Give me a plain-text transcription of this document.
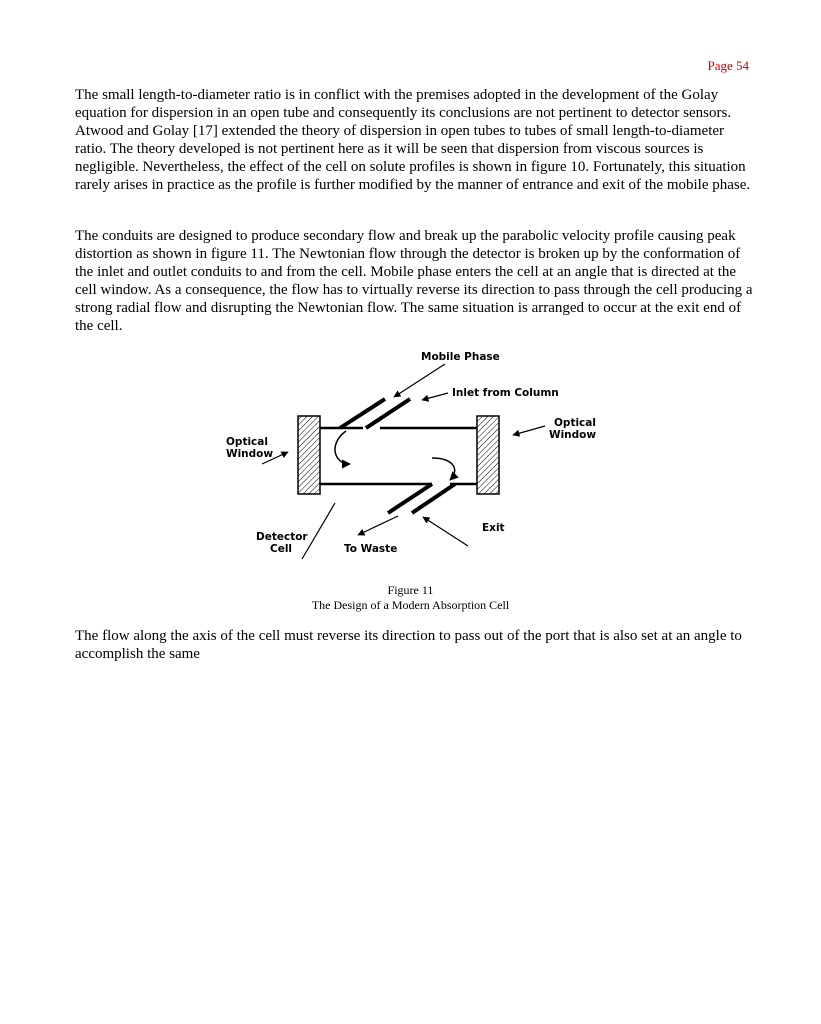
Page 54

The small length-to-diameter ratio is in conflict with the premises adopted in the development of the Golay equation for dispersion in an open tube and consequently its conclusions are not pertinent to detector sensors. Atwood and Golay [17] extended the theory of dispersion in open tubes to tubes of small length-to-diameter ratio. The theory developed is not pertinent here as it will be seen that dispersion from viscous sources is negligible. Nevertheless, the effect of the cell on solute profiles is shown in figure 10. Fortunately, this situation rarely arises in practice as the profile is further modified by the manner of entrance and exit of the mobile phase.

The conduits are designed to produce secondary flow and break up the parabolic velocity profile causing peak distortion as shown in figure 11. The Newtonian flow through the detector is broken up by the conformation of the inlet and outlet conduits to and from the cell. Mobile phase enters the cell at an angle that is directed at the cell window. As a consequence, the flow has to virtually reverse its direction to pass through the cell producing a strong radial flow and disrupting the Newtonian flow. The same situation is arranged to occur at the exit end of the cell.

Mobile Phase
Inlet from Column
Optical
Window
Optical
Window
Exit
Detector
Cell	To Waste
Figure 11
The Design of a Modern Absorption Cell

The flow along the axis of the cell must reverse its direction to pass out of the port that is also set at an angle to accomplish the same
